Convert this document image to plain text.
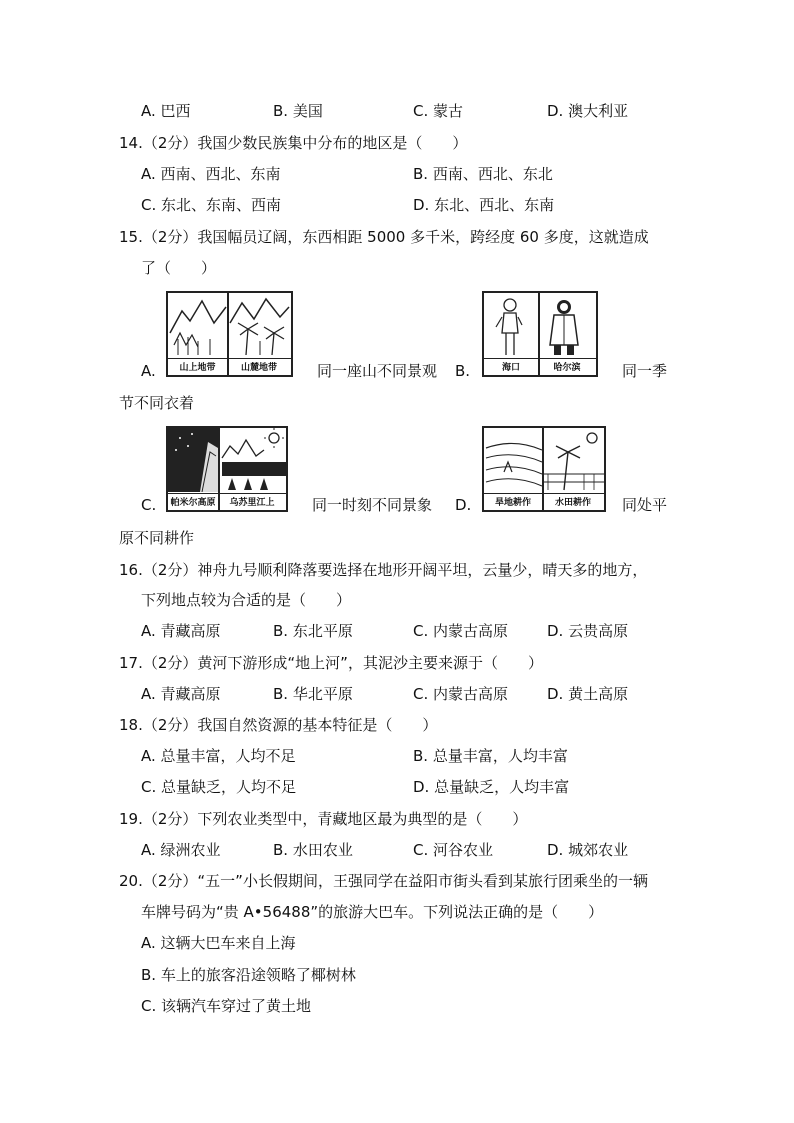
A. 巴西	B. 美国	C. 蒙古	D. 澳大利亚
14.（2分）我国少数民族集中分布的地区是（　　）
A. 西南、西北、东南	B. 西南、西北、东北
C. 东北、东南、西南	D. 东北、西北、东南
15.（2分）我国幅员辽阔，东西相距 5000 多千米，跨经度 60 多度，这就造成
了（　　）
A.	山上地带	山麓地带	同一座山不同景观 B.	海口	哈尔滨	同一季
节不同衣着
C. 帕米尔高原	乌苏里江上	同一时刻不同景象 D.	旱地耕作	水田耕作	同处平
原不同耕作
16.（2分）神舟九号顺利降落要选择在地形开阔平坦，云量少，晴天多的地方，
下列地点较为合适的是（　　）
A. 青藏高原	B. 东北平原	C. 内蒙古高原	D. 云贵高原
17.（2分）黄河下游形成“地上河”，其泥沙主要来源于（　　）
A. 青藏高原	B. 华北平原	C. 内蒙古高原	D. 黄土高原
18.（2分）我国自然资源的基本特征是（　　）
A. 总量丰富，人均不足	B. 总量丰富，人均丰富
C. 总量缺乏，人均不足	D. 总量缺乏，人均丰富
19.（2分）下列农业类型中，青藏地区最为典型的是（　　）
A. 绿洲农业	B. 水田农业	C. 河谷农业	D. 城郊农业
20.（2分）“五一”小长假期间，王强同学在益阳市街头看到某旅行团乘坐的一辆
车牌号码为“贵 A•56488”的旅游大巴车。下列说法正确的是（　　）
A. 这辆大巴车来自上海
B. 车上的旅客沿途领略了椰树林
C. 该辆汽车穿过了黄土地
